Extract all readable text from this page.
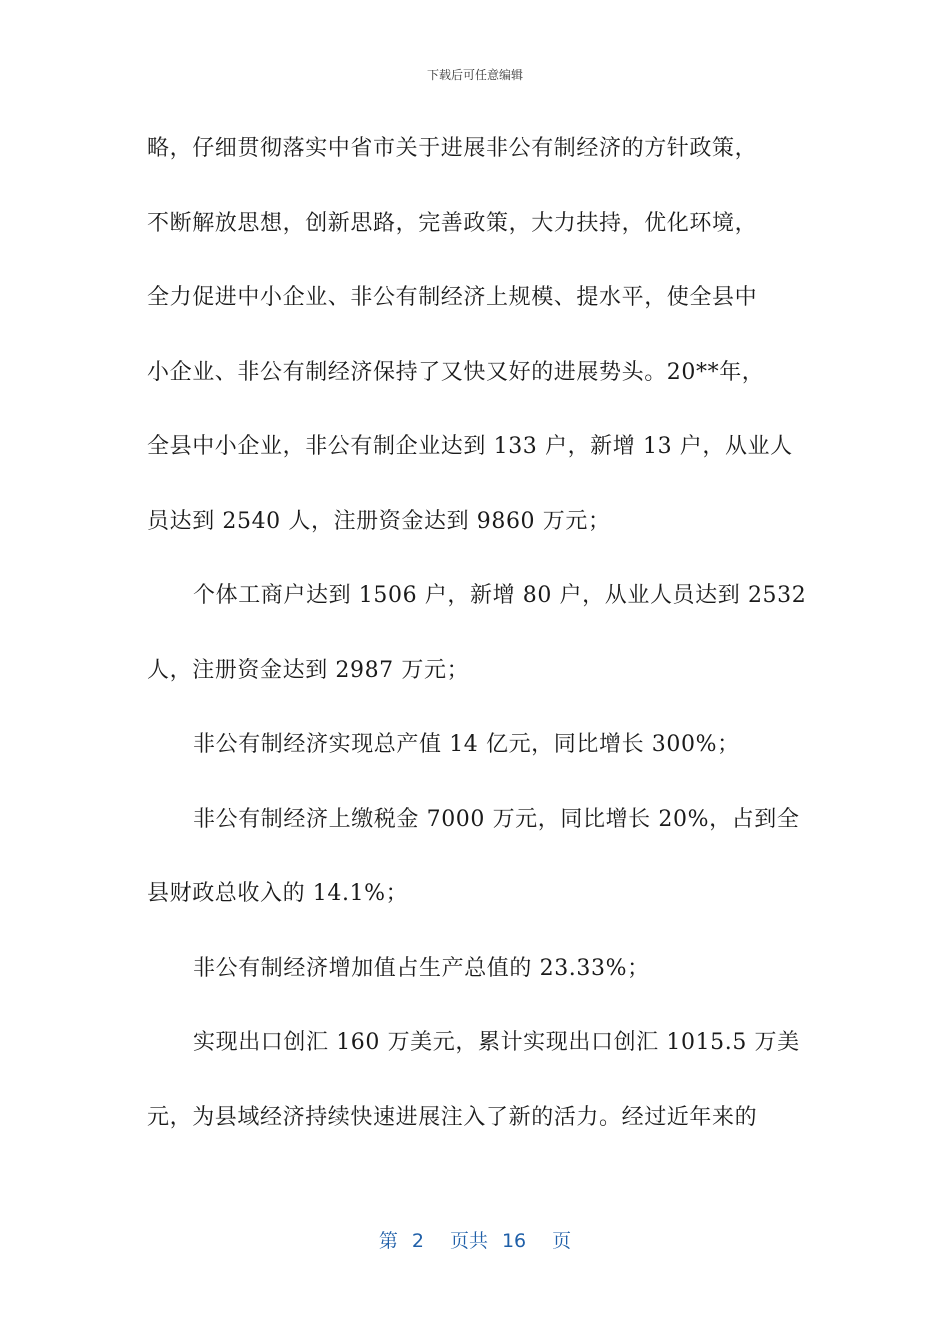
下载后可任意编辑
略，仔细贯彻落实中省市关于进展非公有制经济的方针政策，
不断解放思想，创新思路，完善政策，大力扶持，优化环境，
全力促进中小企业、非公有制经济上规模、提水平，使全县中
小企业、非公有制经济保持了又快又好的进展势头。20**年，
全县中小企业，非公有制企业达到 133 户，新增 13 户，从业人
员达到 2540 人，注册资金达到 9860 万元；
个体工商户达到 1506 户，新增 80 户，从业人员达到 2532
人，注册资金达到 2987 万元；
非公有制经济实现总产值 14 亿元，同比增长 300%；
非公有制经济上缴税金 7000 万元，同比增长 20%，占到全
县财政总收入的 14.1%；
非公有制经济增加值占生产总值的 23.33%；
实现出口创汇 160 万美元，累计实现出口创汇 1015.5 万美
元，为县域经济持续快速进展注入了新的活力。经过近年来的
第 2 页共 16 页
